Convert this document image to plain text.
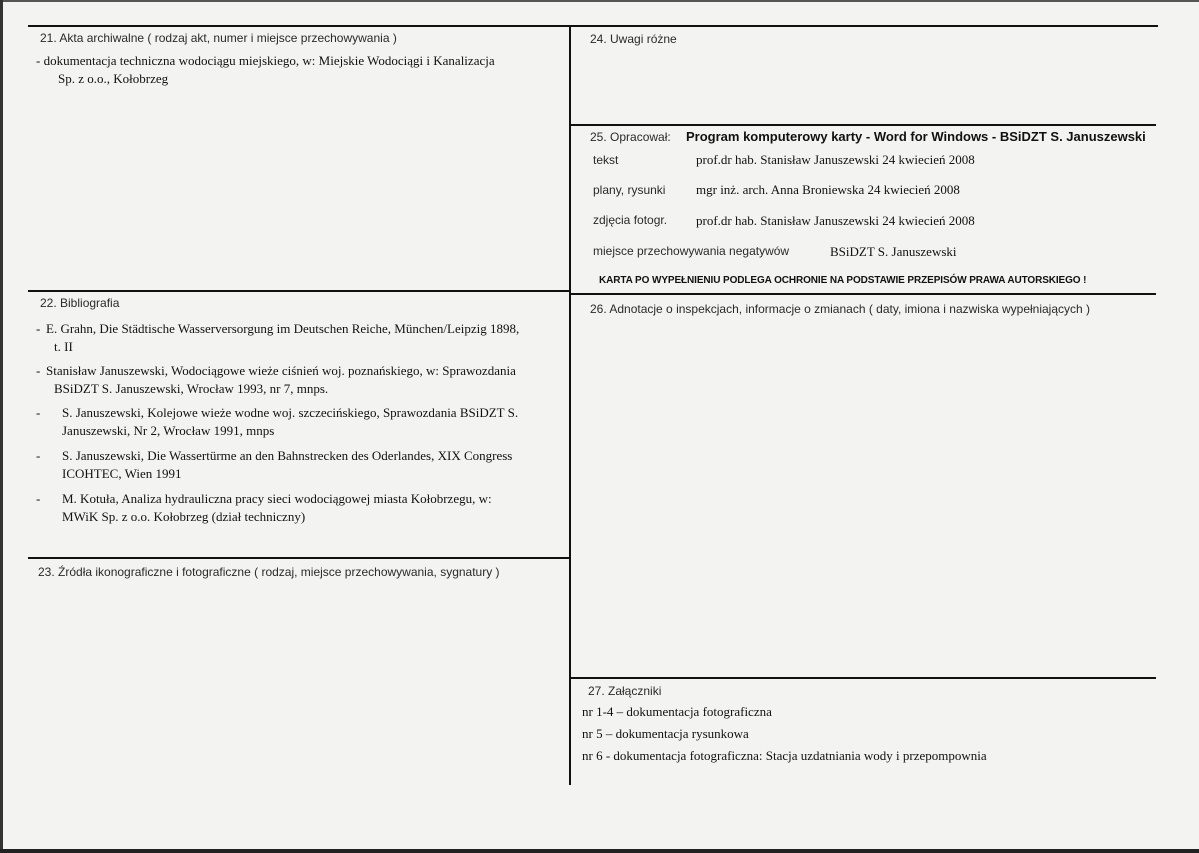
21. Akta archiwalne ( rodzaj akt, numer i miejsce przechowywania )
- dokumentacja techniczna wodociągu miejskiego, w: Miejskie Wodociągi i Kanalizacja
Sp. z o.o., Kołobrzeg
22. Bibliografia
- E. Grahn, Die Städtische Wasserversorgung im Deutschen Reiche, München/Leipzig 1898,
t. II
- Stanisław Januszewski, Wodociągowe wieże ciśnień woj. poznańskiego, w: Sprawozdania
BSiDZT S. Januszewski, Wrocław 1993, nr 7, mnps.
-	S. Januszewski, Kolejowe wieże wodne woj. szczecińskiego, Sprawozdania BSiDZT S.
Januszewski, Nr 2, Wrocław 1991, mnps
-	S. Januszewski, Die Wassertürme an den Bahnstrecken des Oderlandes, XIX Congress
ICOHTEC, Wien 1991
-	M. Kotuła, Analiza hydrauliczna pracy sieci wodociągowej miasta Kołobrzegu, w:
MWiK Sp. z o.o. Kołobrzeg (dział techniczny)
23. Źródła ikonograficzne i fotograficzne ( rodzaj, miejsce przechowywania, sygnatury )
24. Uwagi różne
25. Opracował: Program komputerowy karty - Word for Windows - BSiDZT S. Januszewski
tekst	prof.dr hab. Stanisław Januszewski 24 kwiecień 2008
plany, rysunki mgr inż. arch. Anna Broniewska 24 kwiecień 2008
zdjęcia fotogr. prof.dr hab. Stanisław Januszewski 24 kwiecień 2008
miejsce przechowywania negatywów	BSiDZT S. Januszewski
KARTA PO WYPEŁNIENIU PODLEGA OCHRONIE NA PODSTAWIE PRZEPISÓW PRAWA AUTORSKIEGO !
26. Adnotacje o inspekcjach, informacje o zmianach ( daty, imiona i nazwiska wypełniających )
27. Załączniki
nr 1-4 – dokumentacja fotograficzna
nr 5 – dokumentacja rysunkowa
nr 6 - dokumentacja fotograficzna: Stacja uzdatniania wody i przepompownia
